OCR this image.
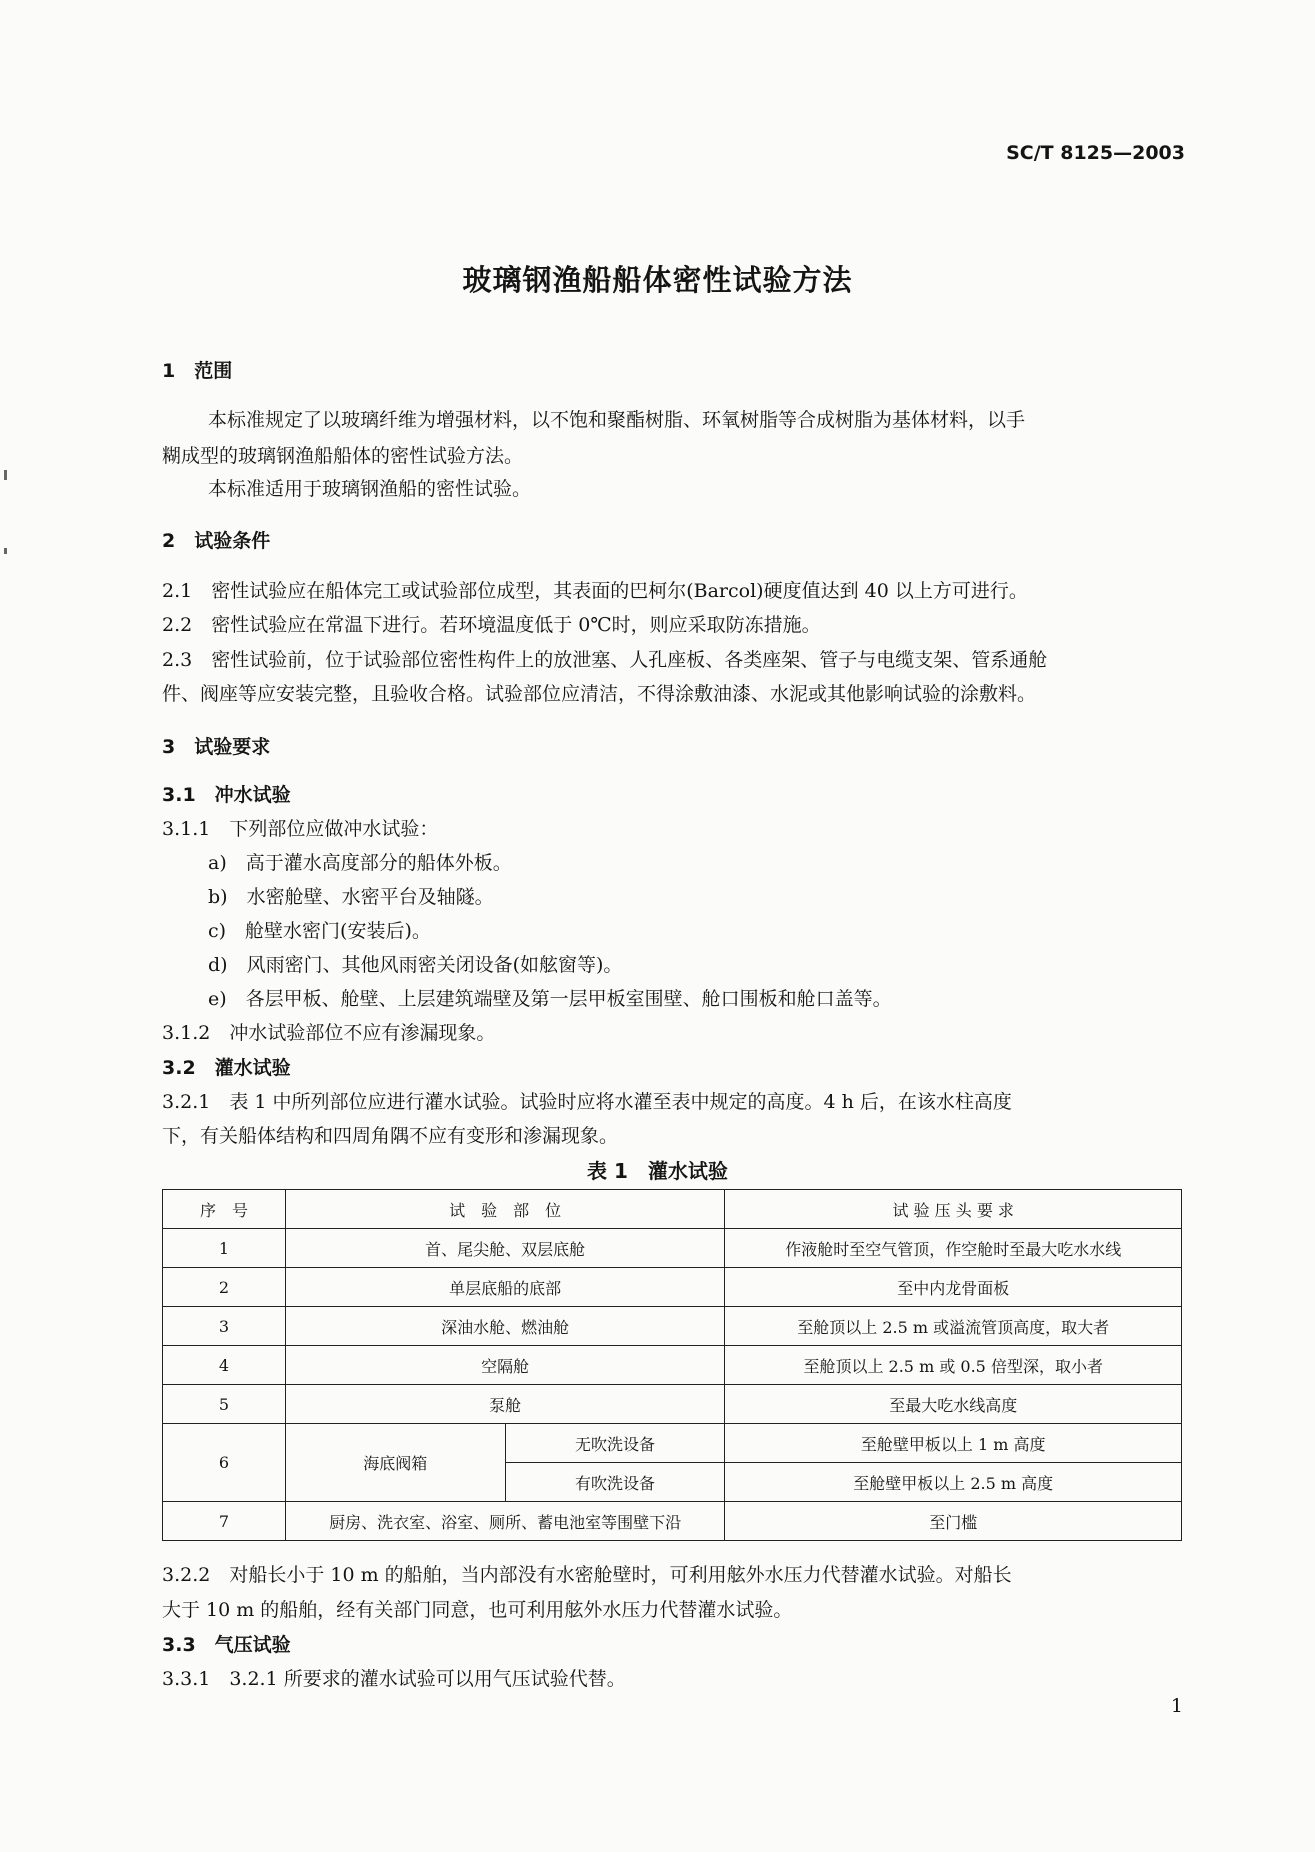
SC/T 8125—2003
玻璃钢渔船船体密性试验方法
1　范围
本标准规定了以玻璃纤维为增强材料，以不饱和聚酯树脂、环氧树脂等合成树脂为基体材料，以手
糊成型的玻璃钢渔船船体的密性试验方法。
本标准适用于玻璃钢渔船的密性试验。
2　试验条件
2.1　密性试验应在船体完工或试验部位成型，其表面的巴柯尔(Barcol)硬度值达到 40 以上方可进行。
2.2　密性试验应在常温下进行。若环境温度低于 0℃时，则应采取防冻措施。
2.3　密性试验前，位于试验部位密性构件上的放泄塞、人孔座板、各类座架、管子与电缆支架、管系通舱
件、阀座等应安装完整，且验收合格。试验部位应清洁，不得涂敷油漆、水泥或其他影响试验的涂敷料。
3　试验要求
3.1　冲水试验
3.1.1　下列部位应做冲水试验：
a)　高于灌水高度部分的船体外板。
b)　水密舱壁、水密平台及轴隧。
c)　舱壁水密门(安装后)。
d)　风雨密门、其他风雨密关闭设备(如舷窗等)。
e)　各层甲板、舱壁、上层建筑端壁及第一层甲板室围壁、舱口围板和舱口盖等。
3.1.2　冲水试验部位不应有渗漏现象。
3.2　灌水试验
3.2.1　表 1 中所列部位应进行灌水试验。试验时应将水灌至表中规定的高度。4 h 后，在该水柱高度
下，有关船体结构和四周角隅不应有变形和渗漏现象。
表 1　灌水试验
序　号	试　验　部　位		试 验 压 头 要 求
1	首、尾尖舱、双层底舱		作液舱时至空气管顶，作空舱时至最大吃水水线
2	单层底船的底部		至中内龙骨面板
3	深油水舱、燃油舱		至舱顶以上 2.5 m 或溢流管顶高度，取大者
4	空隔舱		至舱顶以上 2.5 m 或 0.5 倍型深，取小者
5	泵舱		至最大吃水线高度
6	海底阀箱	无吹洗设备	至舱壁甲板以上 1 m 高度
		有吹洗设备	至舱壁甲板以上 2.5 m 高度
7	厨房、洗衣室、浴室、厕所、蓄电池室等围壁下沿		至门槛
3.2.2　对船长小于 10 m 的船舶，当内部没有水密舱壁时，可利用舷外水压力代替灌水试验。对船长
大于 10 m 的船舶，经有关部门同意，也可利用舷外水压力代替灌水试验。
3.3　气压试验
3.3.1　3.2.1 所要求的灌水试验可以用气压试验代替。
1
